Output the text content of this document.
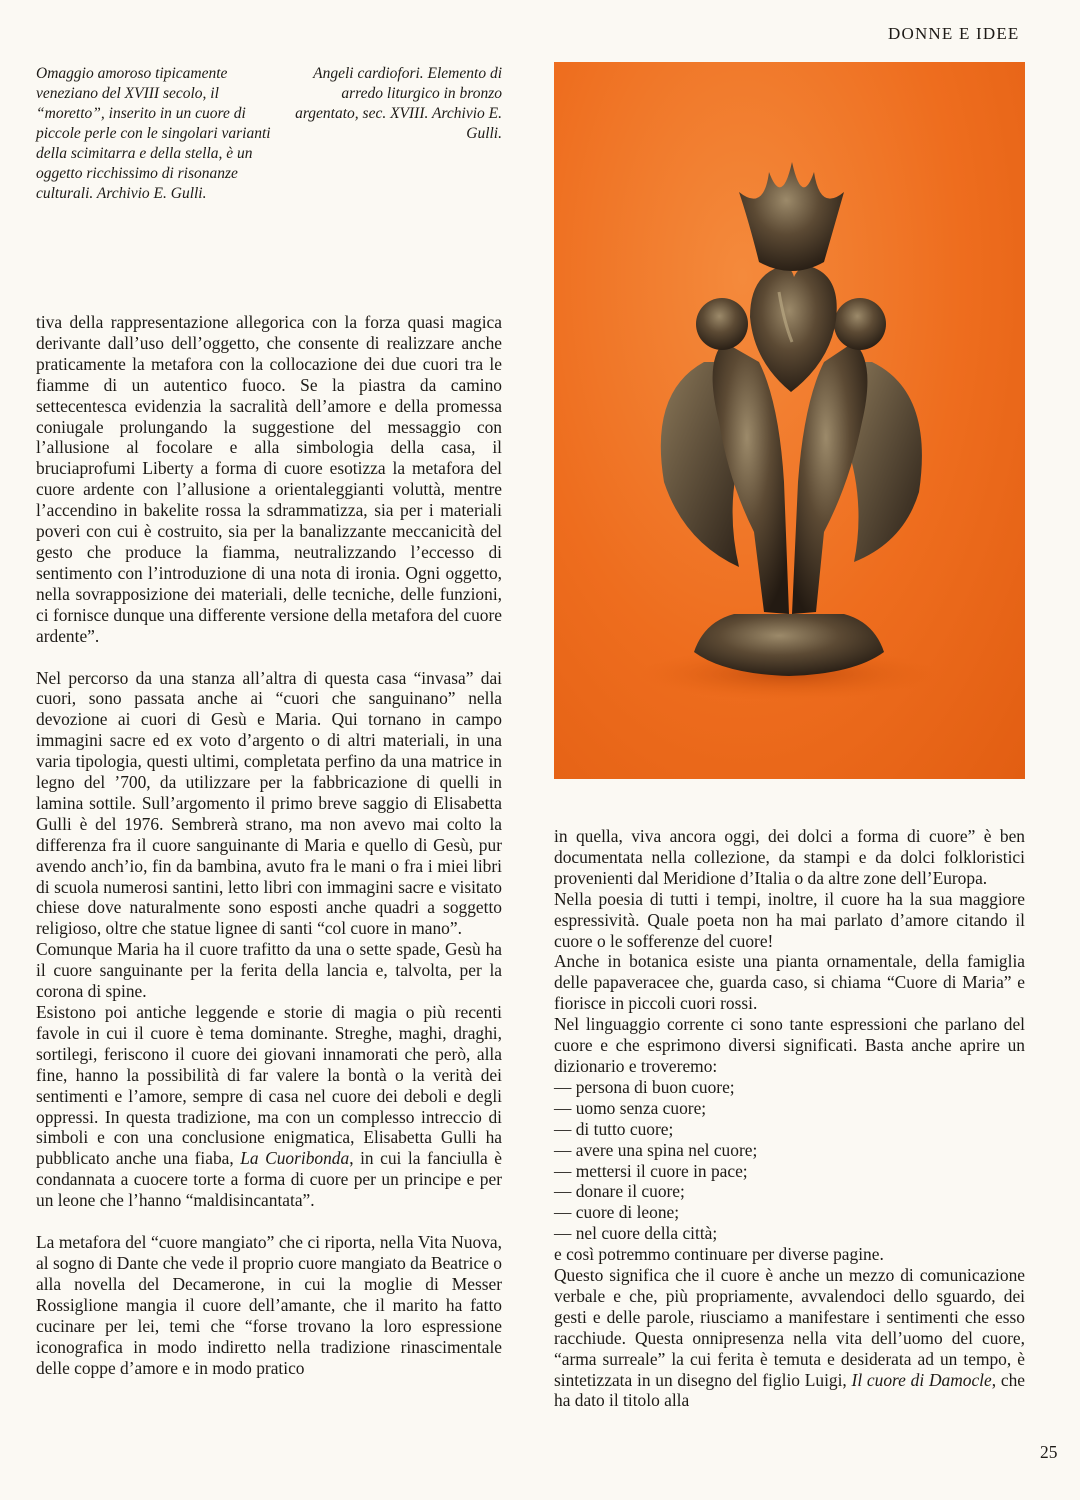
DONNE E IDEE
Omaggio amoroso tipicamente veneziano del XVIII secolo, il “moretto”, inserito in un cuore di piccole perle con le singolari varianti della scimitarra e della stella, è un oggetto ricchissimo di risonanze culturali. Archivio E. Gulli.
Angeli cardiofori. Elemento di arredo liturgico in bronzo argentato, sec. XVIII. Archivio E. Gulli.

tiva della rappresentazione allegorica con la forza quasi magica derivante dall’uso dell’oggetto, che consente di realizzare anche praticamente la metafora con la collocazione dei due cuori tra le fiamme di un autentico fuoco. Se la piastra da camino settecentesca evidenzia la sacralità dell’amore e della promessa coniugale prolungando la suggestione del messaggio con l’allusione al focolare e alla simbologia della casa, il bruciaprofumi Liberty a forma di cuore esotizza la metafora del cuore ardente con l’allusione a orientaleggianti voluttà, mentre l’accendino in bakelite rossa la sdrammatizza, sia per i materiali poveri con cui è costruito, sia per la banalizzante meccanicità del gesto che produce la fiamma, neutralizzando l’eccesso di sentimento con l’introduzione di una nota di ironia. Ogni oggetto, nella sovrapposizione dei materiali, delle tecniche, delle funzioni, ci fornisce dunque una differente versione della metafora del cuore ardente”.

Nel percorso da una stanza all’altra di questa casa “invasa” dai cuori, sono passata anche ai “cuori che sanguinano” nella devozione ai cuori di Gesù e Maria. Qui tornano in campo immagini sacre ed ex voto d’argento o di altri materiali, in una varia tipologia, questi ultimi, completata perfino da una matrice in legno del ’700, da utilizzare per la fabbricazione di quelli in lamina sottile. Sull’argomento il primo breve saggio di Elisabetta Gulli è del 1976. Sembrerà strano, ma non avevo mai colto la differenza fra il cuore sanguinante di Maria e quello di Gesù, pur avendo anch’io, fin da bambina, avuto fra le mani o fra i miei libri di scuola numerosi santini, letto libri con immagini sacre e visitato chiese dove naturalmente sono esposti anche quadri a soggetto religioso, oltre che statue lignee di santi “col cuore in mano”.

Comunque Maria ha il cuore trafitto da una o sette spade, Gesù ha il cuore sanguinante per la ferita della lancia e, talvolta, per la corona di spine.

Esistono poi antiche leggende e storie di magia o più recenti favole in cui il cuore è tema dominante. Streghe, maghi, draghi, sortilegi, feriscono il cuore dei giovani innamorati che però, alla fine, hanno la possibilità di far valere la bontà o la verità dei sentimenti e l’amore, sempre di casa nel cuore dei deboli e degli oppressi. In questa tradizione, ma con un complesso intreccio di simboli e con una conclusione enigmatica, Elisabetta Gulli ha pubblicato anche una fiaba, La Cuoribonda, in cui la fanciulla è condannata a cuocere torte a forma di cuore per un principe e per un leone che l’hanno “maldisincantata”.

La metafora del “cuore mangiato” che ci riporta, nella Vita Nuova, al sogno di Dante che vede il proprio cuore mangiato da Beatrice o alla novella del Decamerone, in cui la moglie di Messer Rossiglione mangia il cuore dell’amante, che il marito ha fatto cucinare per lei, temi che “forse trovano la loro espressione iconografica in modo indiretto nella tradizione rinascimentale delle coppe d’amore e in modo pratico

in quella, viva ancora oggi, dei dolci a forma di cuore” è ben documentata nella collezione, da stampi e da dolci folkloristici provenienti dal Meridione d’Italia o da altre zone dell’Europa.

Nella poesia di tutti i tempi, inoltre, il cuore ha la sua maggiore espressività. Quale poeta non ha mai parlato d’amore citando il cuore o le sofferenze del cuore!

Anche in botanica esiste una pianta ornamentale, della famiglia delle papaveracee che, guarda caso, si chiama “Cuore di Maria” e fiorisce in piccoli cuori rossi.

Nel linguaggio corrente ci sono tante espressioni che parlano del cuore e che esprimono diversi significati. Basta anche aprire un dizionario e troveremo:

— persona di buon cuore;
— uomo senza cuore;
— di tutto cuore;
— avere una spina nel cuore;
— mettersi il cuore in pace;
— donare il cuore;
— cuore di leone;
— nel cuore della città;

e così potremmo continuare per diverse pagine.

Questo significa che il cuore è anche un mezzo di comunicazione verbale e che, più propriamente, avvalendoci dello sguardo, dei gesti e delle parole, riusciamo a manifestare i sentimenti che esso racchiude. Questa onnipresenza nella vita dell’uomo del cuore, “arma surreale” la cui ferita è temuta e desiderata ad un tempo, è sintetizzata in un disegno del figlio Luigi, Il cuore di Damocle, che ha dato il titolo alla

25
